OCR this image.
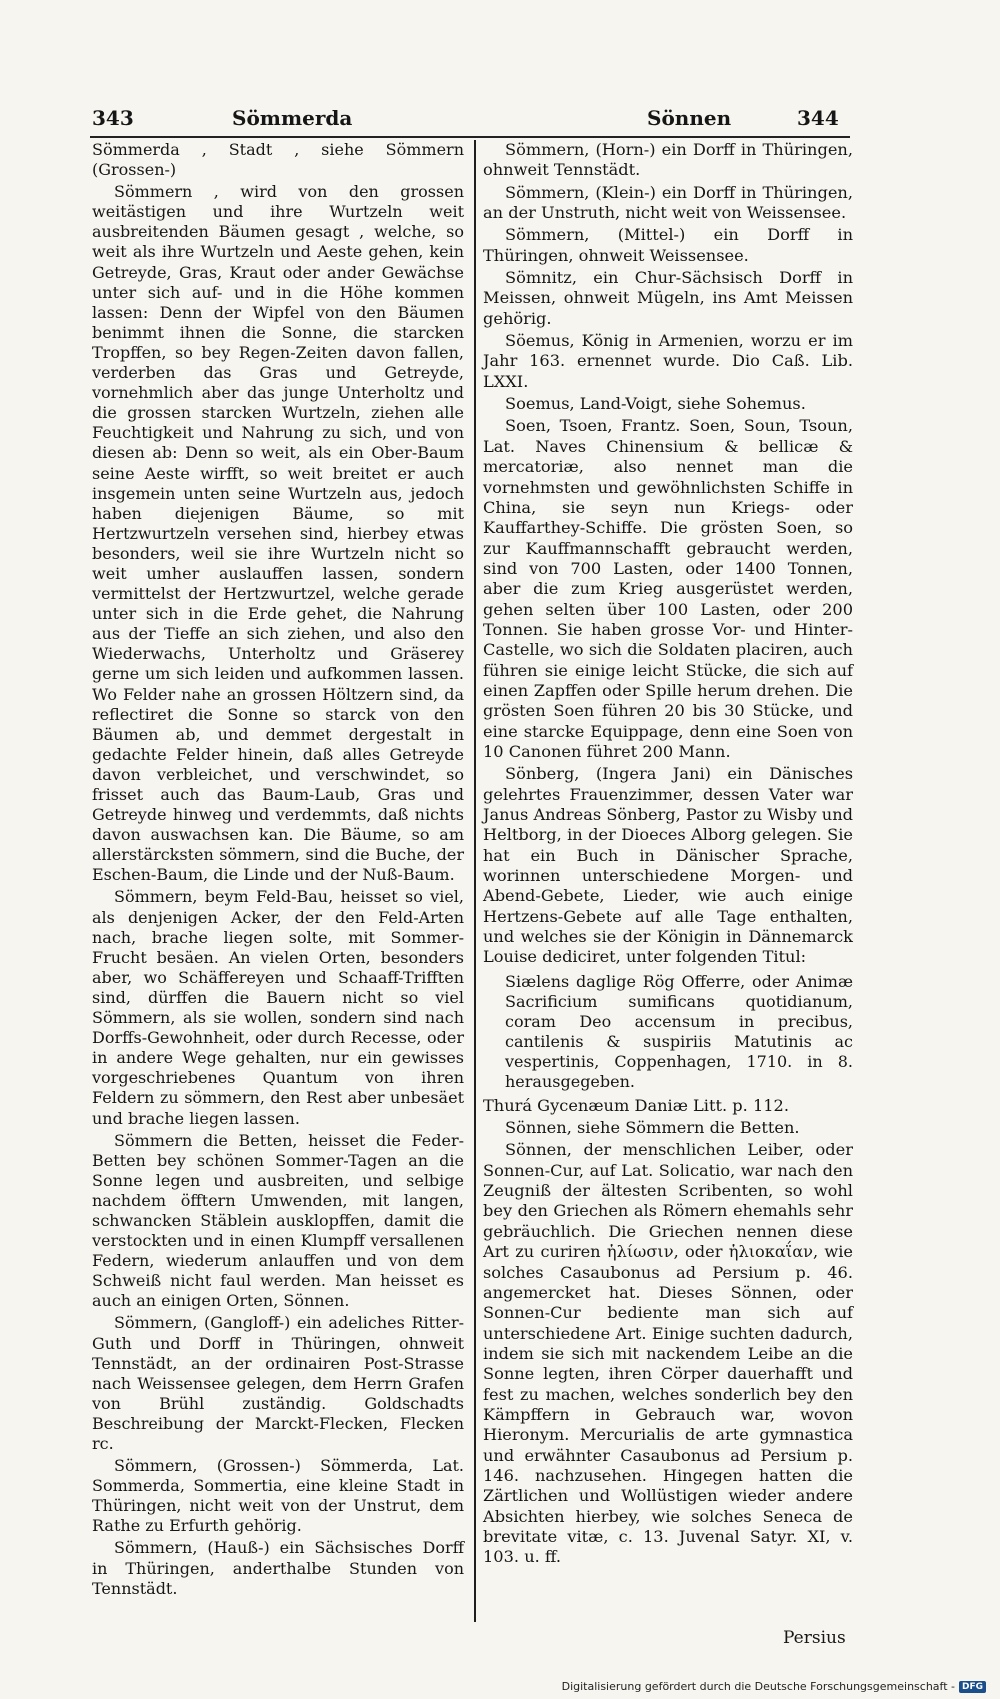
343	Sömmerda	Sönnen	344

Sömmerda , Stadt , siehe Sömmern (Grossen-)

Sömmern , wird von den grossen weitästigen und ihre Wurtzeln weit ausbreitenden Bäumen gesagt , welche, so weit als ihre Wurtzeln und Aeste gehen, kein Getreyde, Gras, Kraut oder ander Gewächse unter sich auf- und in die Höhe kommen lassen: Denn der Wipfel von den Bäumen benimmt ihnen die Sonne, die starcken Tropffen, so bey Regen-Zeiten davon fallen, verderben das Gras und Getreyde, vornehmlich aber das junge Unterholtz und die grossen starcken Wurtzeln, ziehen alle Feuchtigkeit und Nahrung zu sich, und von diesen ab: Denn so weit, als ein Ober-Baum seine Aeste wirfft, so weit breitet er auch insgemein unten seine Wurtzeln aus, jedoch haben diejenigen Bäume, so mit Hertzwurtzeln versehen sind, hierbey etwas besonders, weil sie ihre Wurtzeln nicht so weit umher auslauffen lassen, sondern vermittelst der Hertzwurtzel, welche gerade unter sich in die Erde gehet, die Nahrung aus der Tieffe an sich ziehen, und also den Wiederwachs, Unterholtz und Gräserey gerne um sich leiden und aufkommen lassen. Wo Felder nahe an grossen Höltzern sind, da reflectiret die Sonne so starck von den Bäumen ab, und demmet dergestalt in gedachte Felder hinein, daß alles Getreyde davon verbleichet, und verschwindet, so frisset auch das Baum-Laub, Gras und Getreyde hinweg und verdemmts, daß nichts davon auswachsen kan. Die Bäume, so am allerstärcksten sömmern, sind die Buche, der Eschen-Baum, die Linde und der Nuß-Baum.

Sömmern, beym Feld-Bau, heisset so viel, als denjenigen Acker, der den Feld-Arten nach, brache liegen solte, mit Sommer-Frucht besäen. An vielen Orten, besonders aber, wo Schäffereyen und Schaaff-Trifften sind, dürffen die Bauern nicht so viel Sömmern, als sie wollen, sondern sind nach Dorffs-Gewohnheit, oder durch Recesse, oder in andere Wege gehalten, nur ein gewisses vorgeschriebenes Quantum von ihren Feldern zu sömmern, den Rest aber unbesäet und brache liegen lassen.

Sömmern die Betten, heisset die Feder-Betten bey schönen Sommer-Tagen an die Sonne legen und ausbreiten, und selbige nachdem öfftern Umwenden, mit langen, schwancken Stäblein ausklopffen, damit die verstockten und in einen Klumpff versallenen Federn, wiederum anlauffen und von dem Schweiß nicht faul werden. Man heisset es auch an einigen Orten, Sönnen.

Sömmern, (Gangloff-) ein adeliches Ritter-Guth und Dorff in Thüringen, ohnweit Tennstädt, an der ordinairen Post-Strasse nach Weissensee gelegen, dem Herrn Grafen von Brühl zuständig. Goldschadts Beschreibung der Marckt-Flecken, Flecken rc.

Sömmern, (Grossen-) Sömmerda, Lat. Sommerda, Sommertia, eine kleine Stadt in Thüringen, nicht weit von der Unstrut, dem Rathe zu Erfurth gehörig.

Sömmern, (Hauß-) ein Sächsisches Dorff in Thüringen, anderthalbe Stunden von Tennstädt.

Sömmern, (Horn-) ein Dorff in Thüringen, ohnweit Tennstädt.

Sömmern, (Klein-) ein Dorff in Thüringen, an der Unstruth, nicht weit von Weissensee.

Sömmern, (Mittel-) ein Dorff in Thüringen, ohnweit Weissensee.

Sömnitz, ein Chur-Sächsisch Dorff in Meissen, ohnweit Mügeln, ins Amt Meissen gehörig.

Söemus, König in Armenien, worzu er im Jahr 163. ernennet wurde. Dio Caß. Lib. LXXI.

Soemus, Land-Voigt, siehe Sohemus.

Soen, Tsoen, Frantz. Soen, Soun, Tsoun, Lat. Naves Chinensium & bellicæ & mercatoriæ, also nennet man die vornehmsten und gewöhnlichsten Schiffe in China, sie seyn nun Kriegs- oder Kauffarthey-Schiffe. Die grösten Soen, so zur Kauffmannschafft gebraucht werden, sind von 700 Lasten, oder 1400 Tonnen, aber die zum Krieg ausgerüstet werden, gehen selten über 100 Lasten, oder 200 Tonnen. Sie haben grosse Vor- und Hinter-Castelle, wo sich die Soldaten placiren, auch führen sie einige leicht Stücke, die sich auf einen Zapffen oder Spille herum drehen. Die grösten Soen führen 20 bis 30 Stücke, und eine starcke Equippage, denn eine Soen von 10 Canonen führet 200 Mann.

Sönberg, (Ingera Jani) ein Dänisches gelehrtes Frauenzimmer, dessen Vater war Janus Andreas Sönberg, Pastor zu Wisby und Heltborg, in der Dioeces Alborg gelegen. Sie hat ein Buch in Dänischer Sprache, worinnen unterschiedene Morgen- und Abend-Gebete, Lieder, wie auch einige Hertzens-Gebete auf alle Tage enthalten, und welches sie der Königin in Dännemarck Louise dediciret, unter folgenden Titul:

Siælens daglige Rög Offerre, oder Animæ Sacrificium sumificans quotidianum, coram Deo accensum in precibus, cantilenis & suspiriis Matutinis ac vespertinis, Coppenhagen, 1710. in 8. herausgegeben.

Thurá Gycenæum Daniæ Litt. p. 112.

Sönnen, siehe Sömmern die Betten.

Sönnen, der menschlichen Leiber, oder Sonnen-Cur, auf Lat. Solicatio, war nach den Zeugniß der ältesten Scribenten, so wohl bey den Griechen als Römern ehemahls sehr gebräuchlich. Die Griechen nennen diese Art zu curiren ἡλίωσιν, oder ἡλιοκαΐαν, wie solches Casaubonus ad Persium p. 46. angemercket hat. Dieses Sönnen, oder Sonnen-Cur bediente man sich auf unterschiedene Art. Einige suchten dadurch, indem sie sich mit nackendem Leibe an die Sonne legten, ihren Cörper dauerhafft und fest zu machen, welches sonderlich bey den Kämpffern in Gebrauch war, wovon Hieronym. Mercurialis de arte gymnastica und erwähnter Casaubonus ad Persium p. 146. nachzusehen. Hingegen hatten die Zärtlichen und Wollüstigen wieder andere Absichten hierbey, wie solches Seneca de brevitate vitæ, c. 13. Juvenal Satyr. XI, v. 103. u. ff.

Persius
Digitalisierung gefördert durch die Deutsche Forschungsgemeinschaft - DFG
